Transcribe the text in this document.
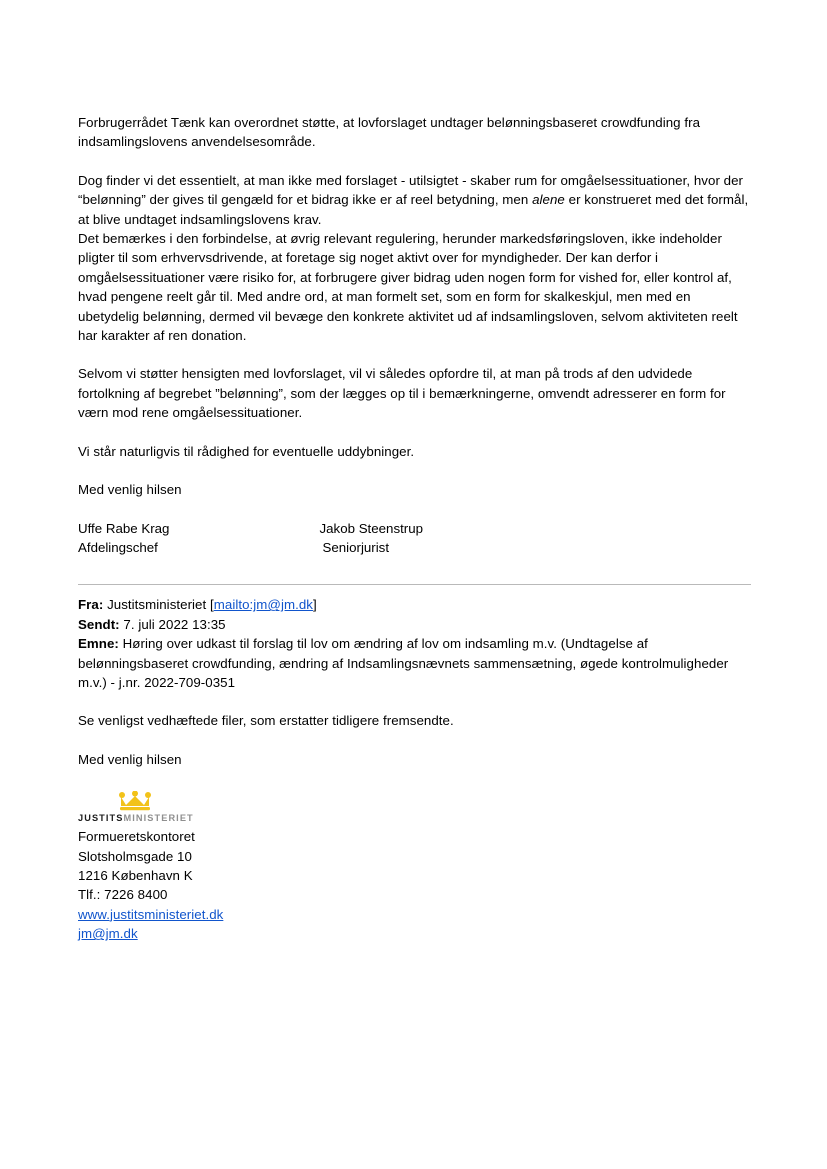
Forbrugerrådet Tænk kan overordnet støtte, at lovforslaget undtager belønningsbaseret crowdfunding fra indsamlingslovens anvendelsesområde.

Dog finder vi det essentielt, at man ikke med forslaget - utilsigtet - skaber rum for omgåelsessituationer, hvor der “belønning” der gives til gengæld for et bidrag ikke er af reel betydning, men alene er konstrueret med det formål, at blive undtaget indsamlingslovens krav.

Det bemærkes i den forbindelse, at øvrig relevant regulering, herunder markedsføringsloven, ikke indeholder pligter til som erhvervsdrivende, at foretage sig noget aktivt over for myndigheder. Der kan derfor i omgåelsessituationer være risiko for, at forbrugere giver bidrag uden nogen form for vished for, eller kontrol af, hvad pengene reelt går til. Med andre ord, at man formelt set, som en form for skalkeskjul, men med en ubetydelig belønning, dermed vil bevæge den konkrete aktivitet ud af indsamlingsloven, selvom aktiviteten reelt har karakter af ren donation.

Selvom vi støtter hensigten med lovforslaget, vil vi således opfordre til, at man på trods af den udvidede fortolkning af begrebet ”belønning”, som der lægges op til i bemærkningerne, omvendt adresserer en form for værn mod rene omgåelsessituationer.

Vi står naturligvis til rådighed for eventuelle uddybninger.

Med venlig hilsen

Uffe Rabe Krag	Jakob Steenstrup
Afdelingschef	Seniorjurist

Fra: Justitsministeriet [mailto:jm@jm.dk]

Sendt: 7. juli 2022 13:35

Emne: Høring over udkast til forslag til lov om ændring af lov om indsamling m.v. (Undtagelse af belønningsbaseret crowdfunding, ændring af Indsamlingsnævnets sammensætning, øgede kontrolmuligheder m.v.) - j.nr. 2022-709-0351

Se venligst vedhæftede filer, som erstatter tidligere fremsendte.

Med venlig hilsen

JUSTITSMINISTERIET

Formueretskontoret

Slotsholmsgade 10

1216 København K

Tlf.: 7226 8400

www.justitsministeriet.dk

jm@jm.dk
